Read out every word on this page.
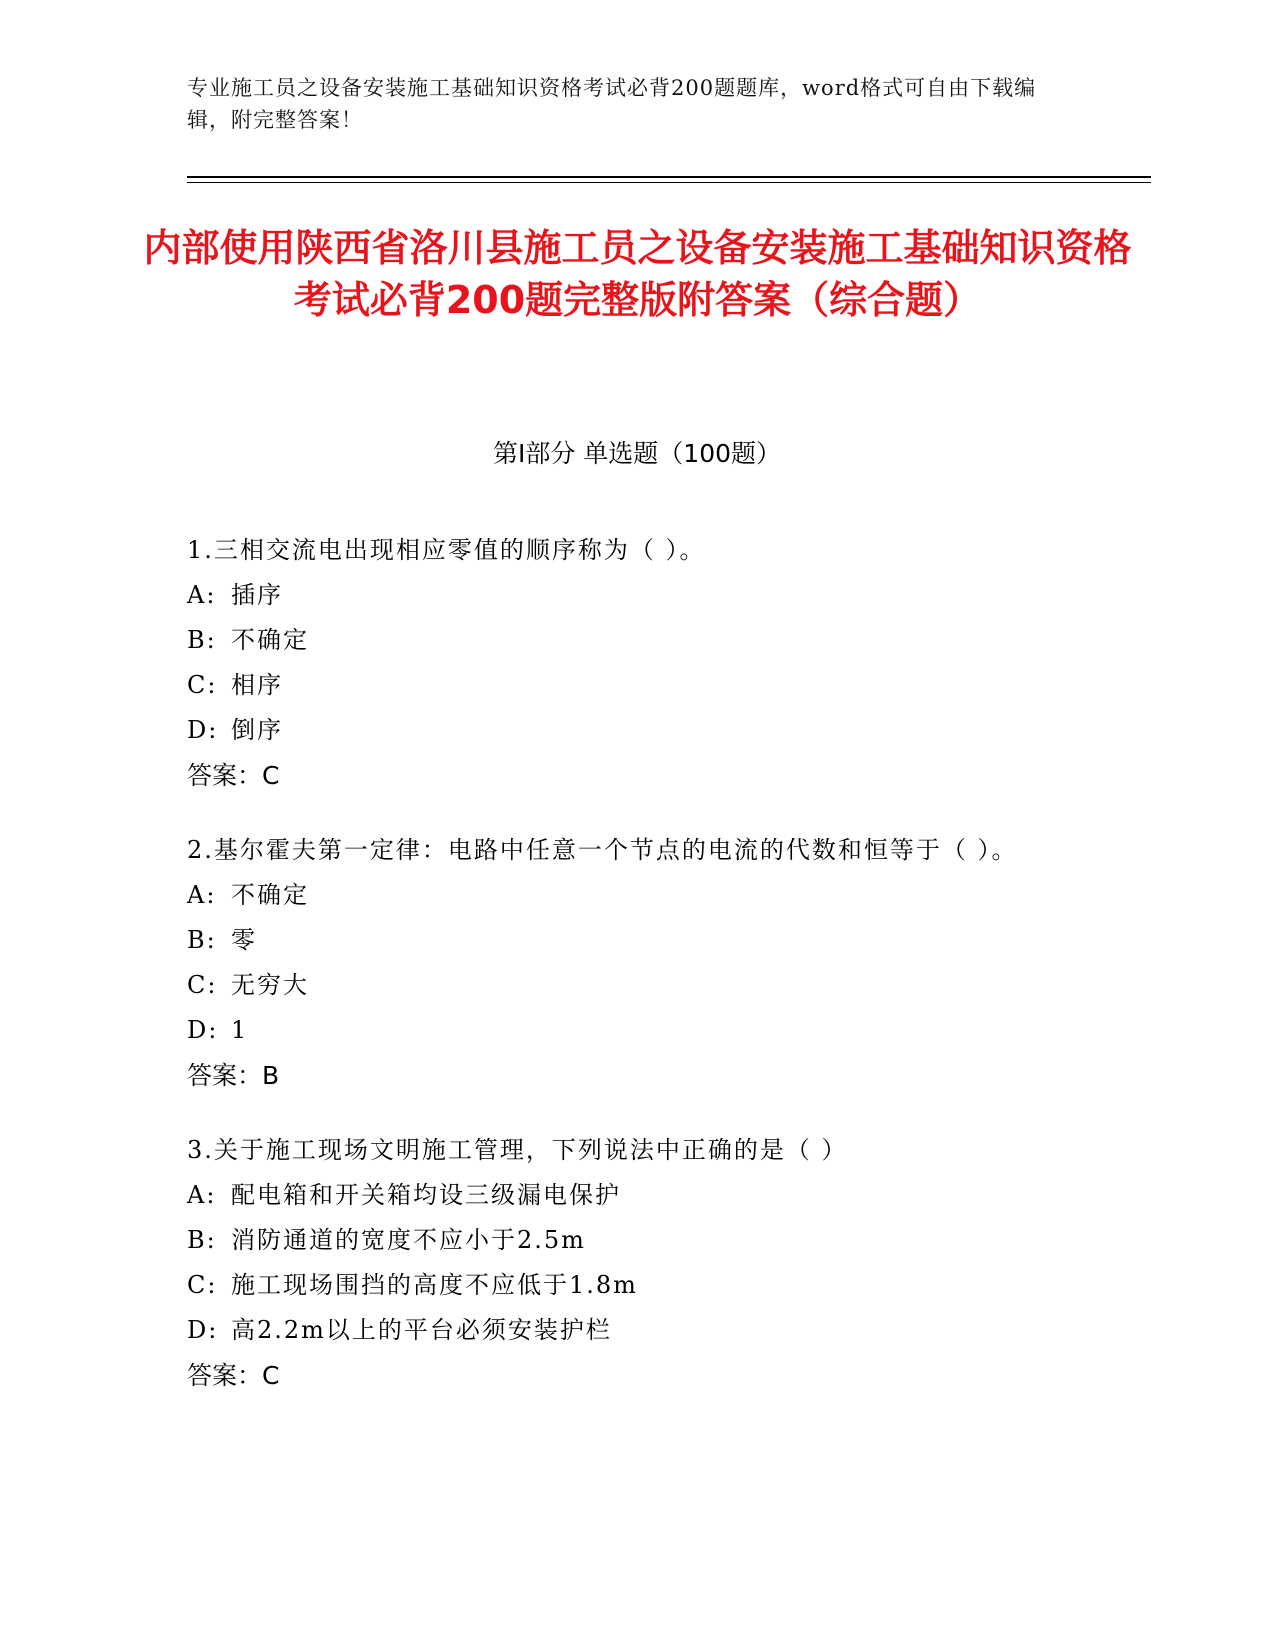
专业施工员之设备安装施工基础知识资格考试必背200题题库，word格式可自由下载编辑，附完整答案！
内部使用陕西省洛川县施工员之设备安装施工基础知识资格考试必背200题完整版附答案（综合题）
第Ⅰ部分 单选题（100题）

1.三相交流电出现相应零值的顺序称为（ ）。

A: 插序

B: 不确定

C: 相序

D: 倒序

答案：C

2.基尔霍夫第一定律：电路中任意一个节点的电流的代数和恒等于（ ）。

A: 不确定

B: 零

C: 无穷大

D: 1

答案：B

3.关于施工现场文明施工管理，下列说法中正确的是（ ）

A: 配电箱和开关箱均设三级漏电保护

B: 消防通道的宽度不应小于2.5m

C: 施工现场围挡的高度不应低于1.8m

D: 高2.2m以上的平台必须安装护栏

答案：C
